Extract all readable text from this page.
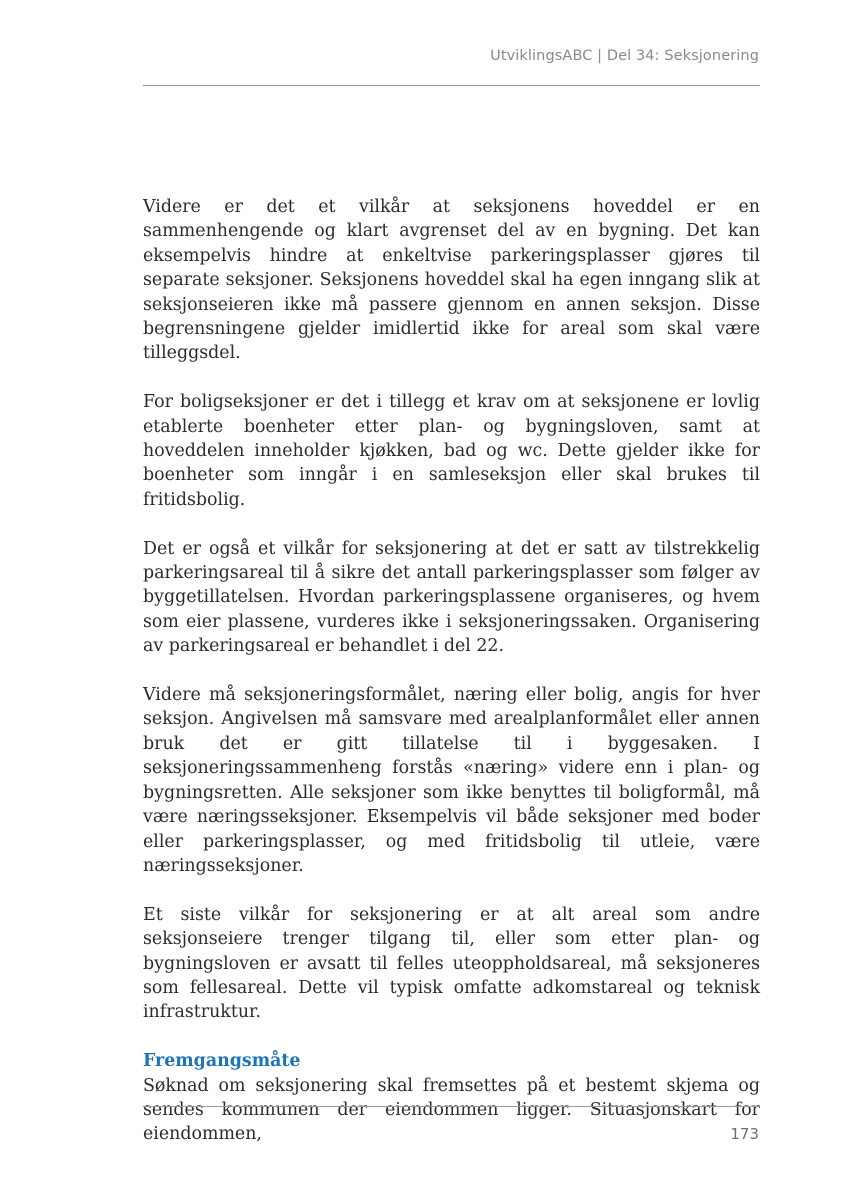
UtviklingsABC | Del 34: Seksjonering

Videre er det et vilkår at seksjonens hoveddel er en sammenhengende og klart avgrenset del av en bygning. Det kan eksempelvis hindre at enkeltvise parkeringsplasser gjøres til separate seksjoner. Seksjonens hoveddel skal ha egen inngang slik at seksjonseieren ikke må passere gjennom en annen seksjon. Disse begrensningene gjelder imidlertid ikke for areal som skal være tilleggsdel.

For boligseksjoner er det i tillegg et krav om at seksjonene er lovlig etablerte boenheter etter plan- og bygningsloven, samt at hoveddelen inneholder kjøkken, bad og wc. Dette gjelder ikke for boenheter som inngår i en samleseksjon eller skal brukes til fritidsbolig.

Det er også et vilkår for seksjonering at det er satt av tilstrekkelig parkeringsareal til å sikre det antall parkeringsplasser som følger av byggetillatelsen. Hvordan parkeringsplassene organiseres, og hvem som eier plassene, vurderes ikke i seksjoneringssaken. Organisering av parkeringsareal er behandlet i del 22.

Videre må seksjoneringsformålet, næring eller bolig, angis for hver seksjon. Angivelsen må samsvare med arealplanformålet eller annen bruk det er gitt tillatelse til i byggesaken. I seksjoneringssammenheng forstås «næring» videre enn i plan- og bygningsretten. Alle seksjoner som ikke benyttes til boligformål, må være næringsseksjoner. Eksempelvis vil både seksjoner med boder eller parkeringsplasser, og med fritidsbolig til utleie, være næringsseksjoner.

Et siste vilkår for seksjonering er at alt areal som andre seksjonseiere trenger tilgang til, eller som etter plan- og bygningsloven er avsatt til felles uteoppholdsareal, må seksjoneres som fellesareal. Dette vil typisk omfatte adkomstareal og teknisk infrastruktur.

Fremgangsmåte

Søknad om seksjonering skal fremsettes på et bestemt skjema og sendes kommunen der eiendommen ligger. Situasjonskart for eiendommen,	173
